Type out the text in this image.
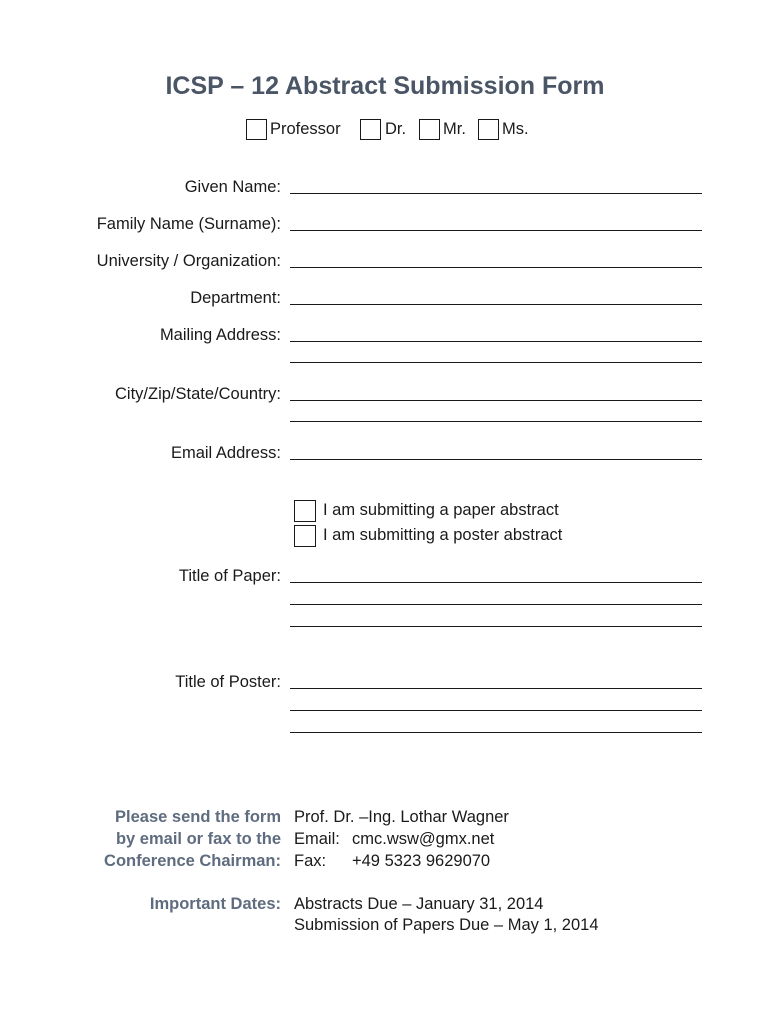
ICSP – 12 Abstract Submission Form
Professor	Dr. Mr. Ms.
Given Name:
Family Name (Surname):
University / Organization:
Department:
Mailing Address:
City/Zip/State/Country:
Email Address:
I am submitting a paper abstract
I am submitting a poster abstract
Title of Paper:
Title of Poster:
Please send the form
by email or fax to the
Conference Chairman:
Prof. Dr. –Ing. Lothar Wagner
Email: cmc.wsw@gmx.net
Fax: +49 5323 9629070
Important Dates: Abstracts Due – January 31, 2014
Submission of Papers Due – May 1, 2014
